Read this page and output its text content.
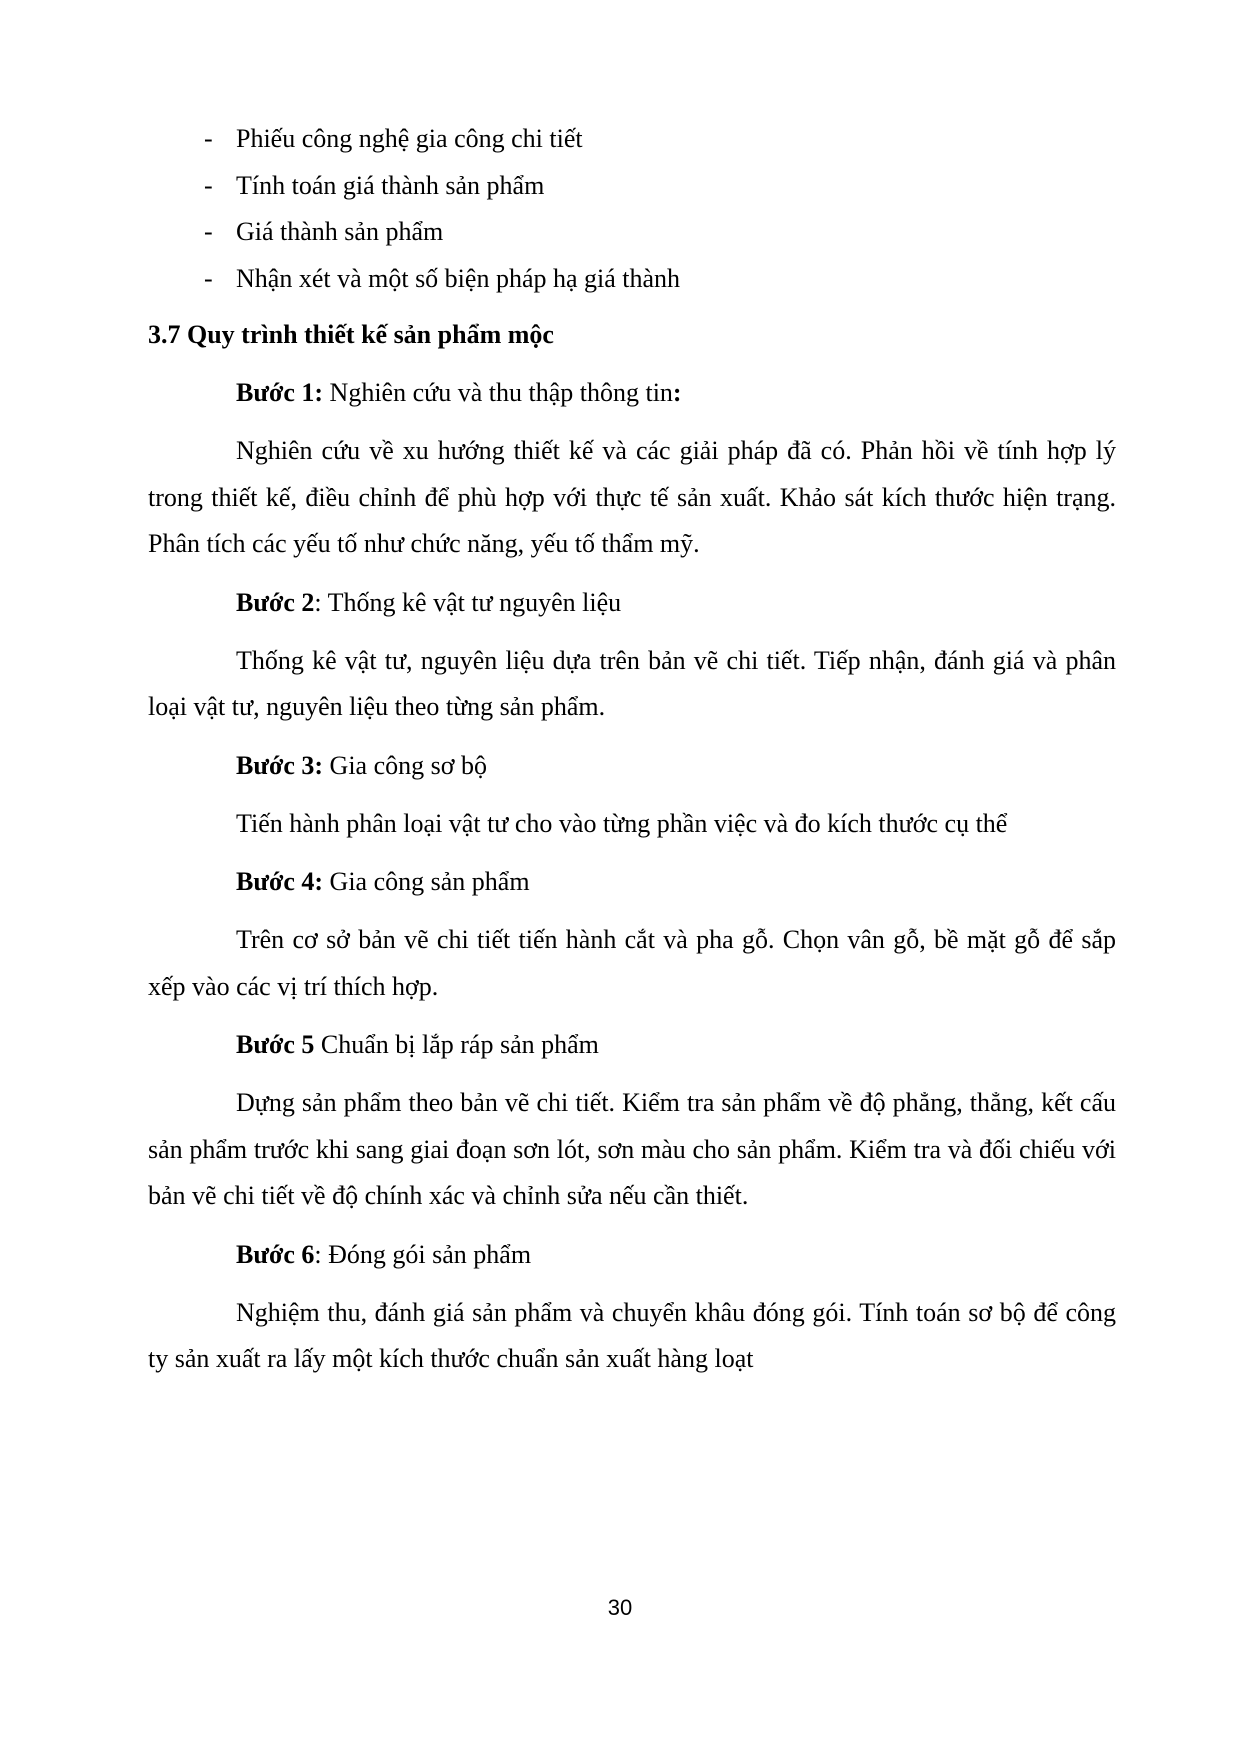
- Phiếu công nghệ gia công chi tiết
- Tính toán giá thành sản phẩm
- Giá thành sản phẩm
- Nhận xét và một số biện pháp hạ giá thành
3.7 Quy trình thiết kế sản phẩm mộc
Bước 1: Nghiên cứu và thu thập thông tin:

Nghiên cứu về xu hướng thiết kế và các giải pháp đã có. Phản hồi về tính hợp lý trong thiết kế, điều chỉnh để phù hợp với thực tế sản xuất. Khảo sát kích thước hiện trạng. Phân tích các yếu tố như chức năng, yếu tố thẩm mỹ.

Bước 2: Thống kê vật tư nguyên liệu

Thống kê vật tư, nguyên liệu dựa trên bản vẽ chi tiết. Tiếp nhận, đánh giá và phân loại vật tư, nguyên liệu theo từng sản phẩm.

Bước 3: Gia công sơ bộ

Tiến hành phân loại vật tư cho vào từng phần việc và đo kích thước cụ thể

Bước 4: Gia công sản phẩm

Trên cơ sở bản vẽ chi tiết tiến hành cắt và pha gỗ. Chọn vân gỗ, bề mặt gỗ để sắp xếp vào các vị trí thích hợp.

Bước 5 Chuẩn bị lắp ráp sản phẩm

Dựng sản phẩm theo bản vẽ chi tiết. Kiểm tra sản phẩm về độ phẳng, thẳng, kết cấu sản phẩm trước khi sang giai đoạn sơn lót, sơn màu cho sản phẩm. Kiểm tra và đối chiếu với bản vẽ chi tiết về độ chính xác và chỉnh sửa nếu cần thiết.

Bước 6: Đóng gói sản phẩm

Nghiệm thu, đánh giá sản phẩm và chuyển khâu đóng gói. Tính toán sơ bộ để công ty sản xuất ra lấy một kích thước chuẩn sản xuất hàng loạt

30
